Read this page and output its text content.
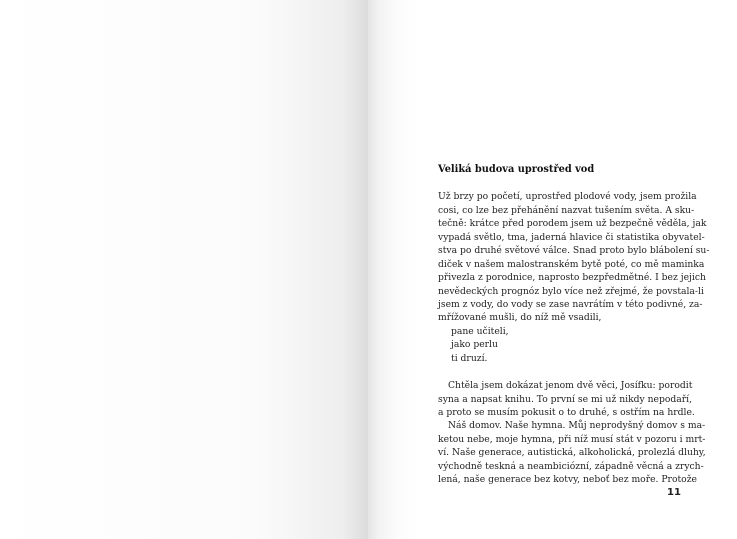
Veliká budova uprostřed vod
Už brzy po početí, uprostřed plodové vody, jsem prožila
cosi, co lze bez přehánění nazvat tušením světa. A sku-
tečně: krátce před porodem jsem už bezpečně věděla, jak
vypadá světlo, tma, jaderná hlavice či statistika obyvatel-
stva po druhé světové válce. Snad proto bylo blábolení su-
diček v našem malostranském bytě poté, co mě maminka
přivezla z porodnice, naprosto bezpředmětné. I bez jejich
nevědeckých prognóz bylo více než zřejmé, že povstala-li
jsem z vody, do vody se zase navrátím v této podivné, za-
mřížované mušli, do níž mě vsadili,
pane učiteli,
jako perlu
ti druzí.
Chtěla jsem dokázat jenom dvě věci, Josífku: porodit
syna a napsat knihu. To první se mi už nikdy nepodaří,
a proto se musím pokusit o to druhé, s ostřím na hrdle.
Náš domov. Naše hymna. Můj neprodyšný domov s ma-
ketou nebe, moje hymna, při níž musí stát v pozoru i mrt-
ví. Naše generace, autistická, alkoholická, prolezlá dluhy,
východně teskná a neambiciózní, západně věcná a zrych-
lená, naše generace bez kotvy, neboť bez moře. Protože
11
